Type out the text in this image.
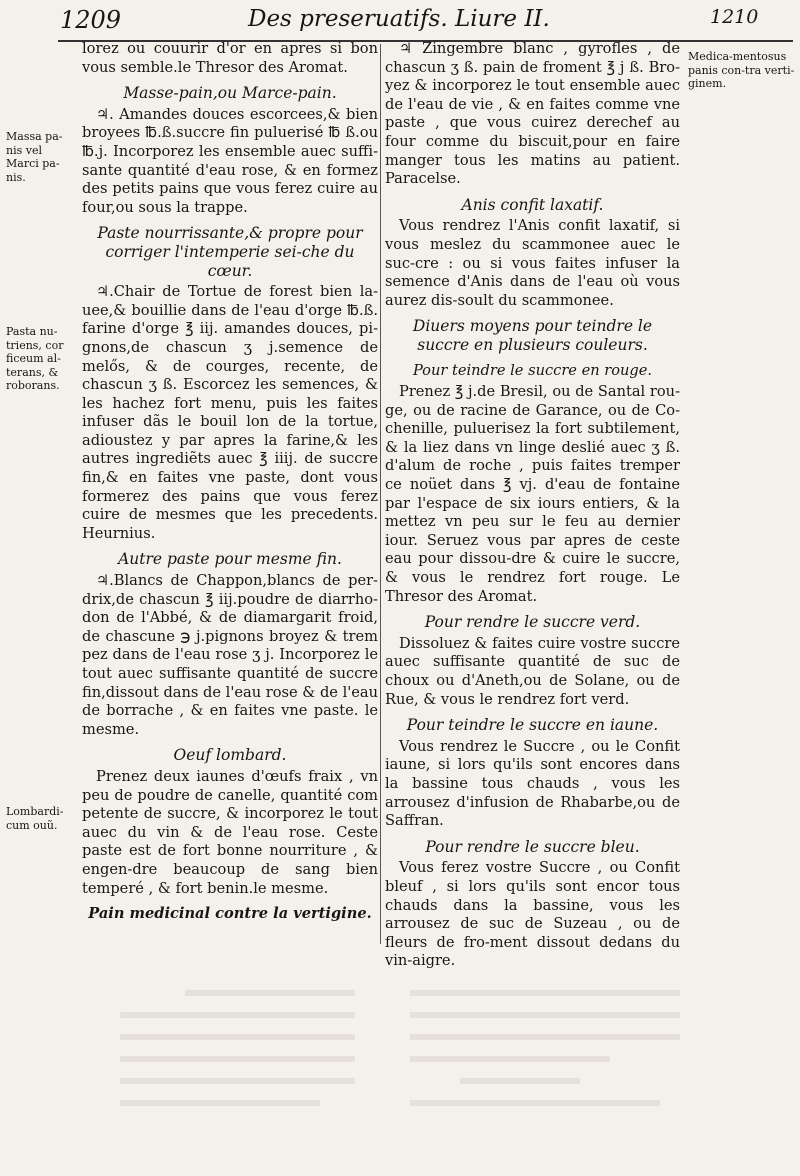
1209	Des preseruatifs. Liure II.	1210
Massa pa-nis vel Marci pa-nis.
Pasta nu-triens, cor ficeum al-terans, & roborans.
Lombardi-cum ouũ.
Medica-mentosus panis con-tra verti-ginem.

lorez ou couurir d'or en apres si bon vous semble.le Thresor des Aromat.

Masse-pain,ou Marce-pain.

♃. Amandes douces escorcees,& bien broyees ℔.ß.succre fin puluerisé ℔ ß.ou ℔.j. Incorporez les ensemble auec suffi-sante quantité d'eau rose, & en formez des petits pains que vous ferez cuire au four,ou sous la trappe.

Paste nourrissante,& propre pour corriger l'intemperie sei-che du cœur.

♃.Chair de Tortue de forest bien la-uee,& bouillie dans de l'eau d'orge ℔.ß. farine d'orge ℥ iij. amandes douces, pi-gnons,de chascun ʒ j.semence de melős, & de courges, recente, de chascun ʒ ß. Escorcez les semences, & les hachez fort menu, puis les faites infuser dãs le bouil lon de la tortue, adioustez y par apres la farine,& les autres ingrediẽts auec ℥ iiij. de succre fin,& en faites vne paste, dont vous formerez des pains que vous ferez cuire de mesmes que les precedents. Heurnius.

Autre paste pour mesme fin.

♃.Blancs de Chappon,blancs de per-drix,de chascun ℥ iij.poudre de diarrho-don de l'Abbé, & de diamargarit froid, de chascune ℈ j.pignons broyez & trem pez dans de l'eau rose ʒ j. Incorporez le tout auec suffisante quantité de succre fin,dissout dans de l'eau rose & de l'eau de borrache , & en faites vne paste. le mesme.

Oeuf lombard.

Prenez deux iaunes d'œufs fraix , vn peu de poudre de canelle, quantité com petente de succre, & incorporez le tout auec du vin & de l'eau rose. Ceste paste est de fort bonne nourriture , & engen-dre beaucoup de sang bien temperé , & fort benin.le mesme.

Pain medicinal contre la vertigine.

♃ Zingembre blanc , gyrofles , de chascun ʒ ß. pain de froment ℥ j ß. Bro-yez & incorporez le tout ensemble auec de l'eau de vie , & en faites comme vne paste , que vous cuirez derechef au four comme du biscuit,pour en faire manger tous les matins au patient. Paracelse.

Anis confit laxatif.

Vous rendrez l'Anis confit laxatif, si vous meslez du scammonee auec le suc-cre : ou si vous faites infuser la semence d'Anis dans de l'eau où vous aurez dis-soult du scammonee.

Diuers moyens pour teindre le succre en plusieurs couleurs.
Pour teindre le succre en rouge.

Prenez ℥ j.de Bresil, ou de Santal rou-ge, ou de racine de Garance, ou de Co-chenille, puluerisez la fort subtilement, & la liez dans vn linge deslié auec ʒ ß. d'alum de roche , puis faites tremper ce noüet dans ℥ vj. d'eau de fontaine par l'espace de six iours entiers, & la mettez vn peu sur le feu au dernier iour. Seruez vous par apres de ceste eau pour dissou-dre & cuire le succre, & vous le rendrez fort rouge. Le Thresor des Aromat.

Pour rendre le succre verd.

Dissoluez & faites cuire vostre succre auec suffisante quantité de suc de choux ou d'Aneth,ou de Solane, ou de Rue, & vous le rendrez fort verd.

Pour teindre le succre en iaune.

Vous rendrez le Succre , ou le Confit iaune, si lors qu'ils sont encores dans la bassine tous chauds , vous les arrousez d'infusion de Rhabarbe,ou de Saffran.

Pour rendre le succre bleu.

Vous ferez vostre Succre , ou Confit bleuf , si lors qu'ils sont encor tous chauds dans la bassine, vous les arrousez de suc de Suzeau , ou de fleurs de fro-ment dissout dedans du vin-aigre.
